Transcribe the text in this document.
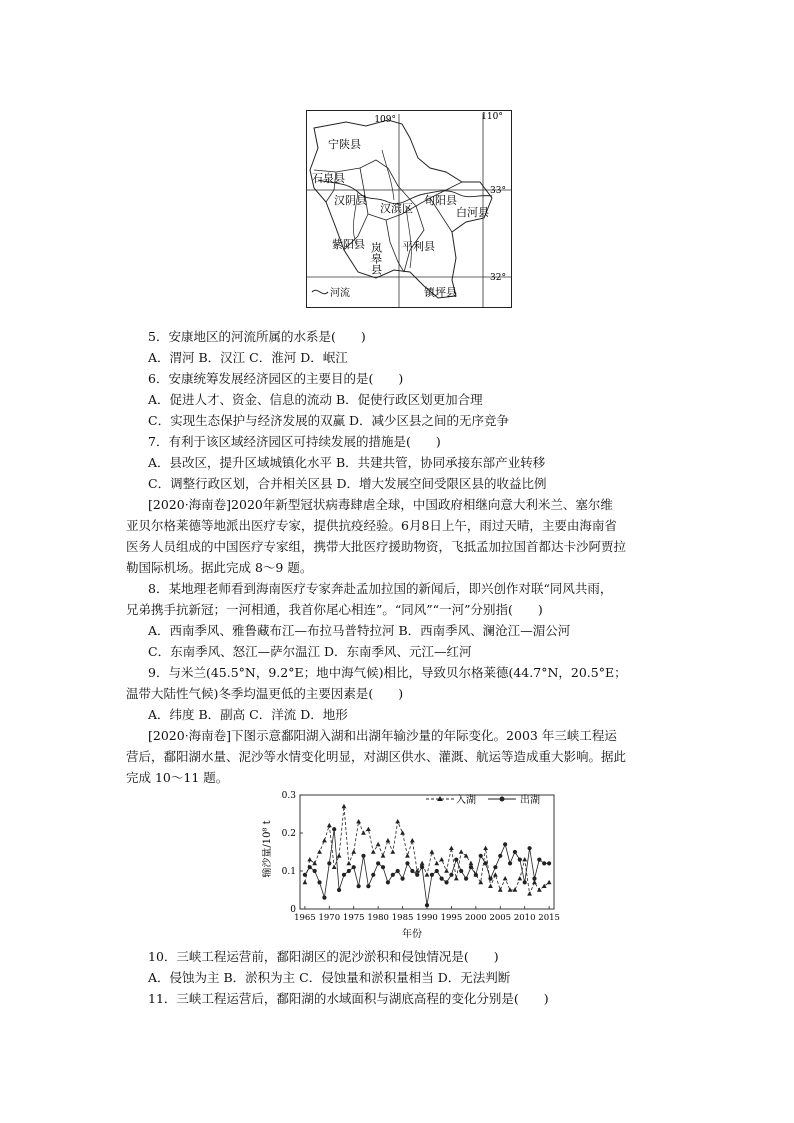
109°	110°
33°
32°
宁陕县
石泉县
汉阴县
汉滨区
旬阳县
白河县
紫阳县 岚皋县 平利县
镇坪县
河流
5．安康地区的河流所属的水系是(　　)
A．渭河 B．汉江 C．淮河 D．岷江
6．安康统筹发展经济园区的主要目的是(　　)
A．促进人才、资金、信息的流动 B．促使行政区划更加合理
C．实现生态保护与经济发展的双赢 D．减少区县之间的无序竞争
7．有利于该区域经济园区可持续发展的措施是(　　)
A．县改区，提升区域城镇化水平 B．共建共管，协同承接东部产业转移
C．调整行政区划，合并相关区县 D．增大发展空间受限区县的收益比例
[2020·海南卷]2020年新型冠状病毒肆虐全球，中国政府相继向意大利米兰、塞尔维
亚贝尔格莱德等地派出医疗专家，提供抗疫经验。6月8日上午，雨过天晴，主要由海南省
医务人员组成的中国医疗专家组，携带大批医疗援助物资，飞抵孟加拉国首都达卡沙阿贾拉
勒国际机场。据此完成 8～9 题。
8．某地理老师看到海南医疗专家奔赴孟加拉国的新闻后，即兴创作对联“同风共雨，
兄弟携手抗新冠；一河相通，我首你尾心相连”。“同风”“一河”分别指(　　)
A．西南季风、雅鲁藏布江—布拉马普特拉河 B．西南季风、澜沧江—湄公河
C．东南季风、怒江—萨尔温江 D．东南季风、元江—红河
9．与米兰(45.5°N，9.2°E；地中海气候)相比，导致贝尔格莱德(44.7°N，20.5°E；
温带大陆性气候)冬季均温更低的主要因素是(　　)
A．纬度 B．副高 C．洋流 D．地形
[2020·海南卷]下图示意鄱阳湖入湖和出湖年输沙量的年际变化。2003 年三峡工程运
营后，鄱阳湖水量、泥沙等水情变化明显，对湖区供水、灌溉、航运等造成重大影响。据此
完成 10～11 题。
0
0.1
0.2
0.3
1965 1970 1975 1980 1985 1990 1995 2000 2005 2010 2015
输沙量/10⁸ t
年份
入湖	出湖
10．三峡工程运营前，鄱阳湖区的泥沙淤积和侵蚀情况是(　　)
A．侵蚀为主 B．淤积为主 C．侵蚀量和淤积量相当 D．无法判断
11．三峡工程运营后，鄱阳湖的水域面积与湖底高程的变化分别是(　　)
